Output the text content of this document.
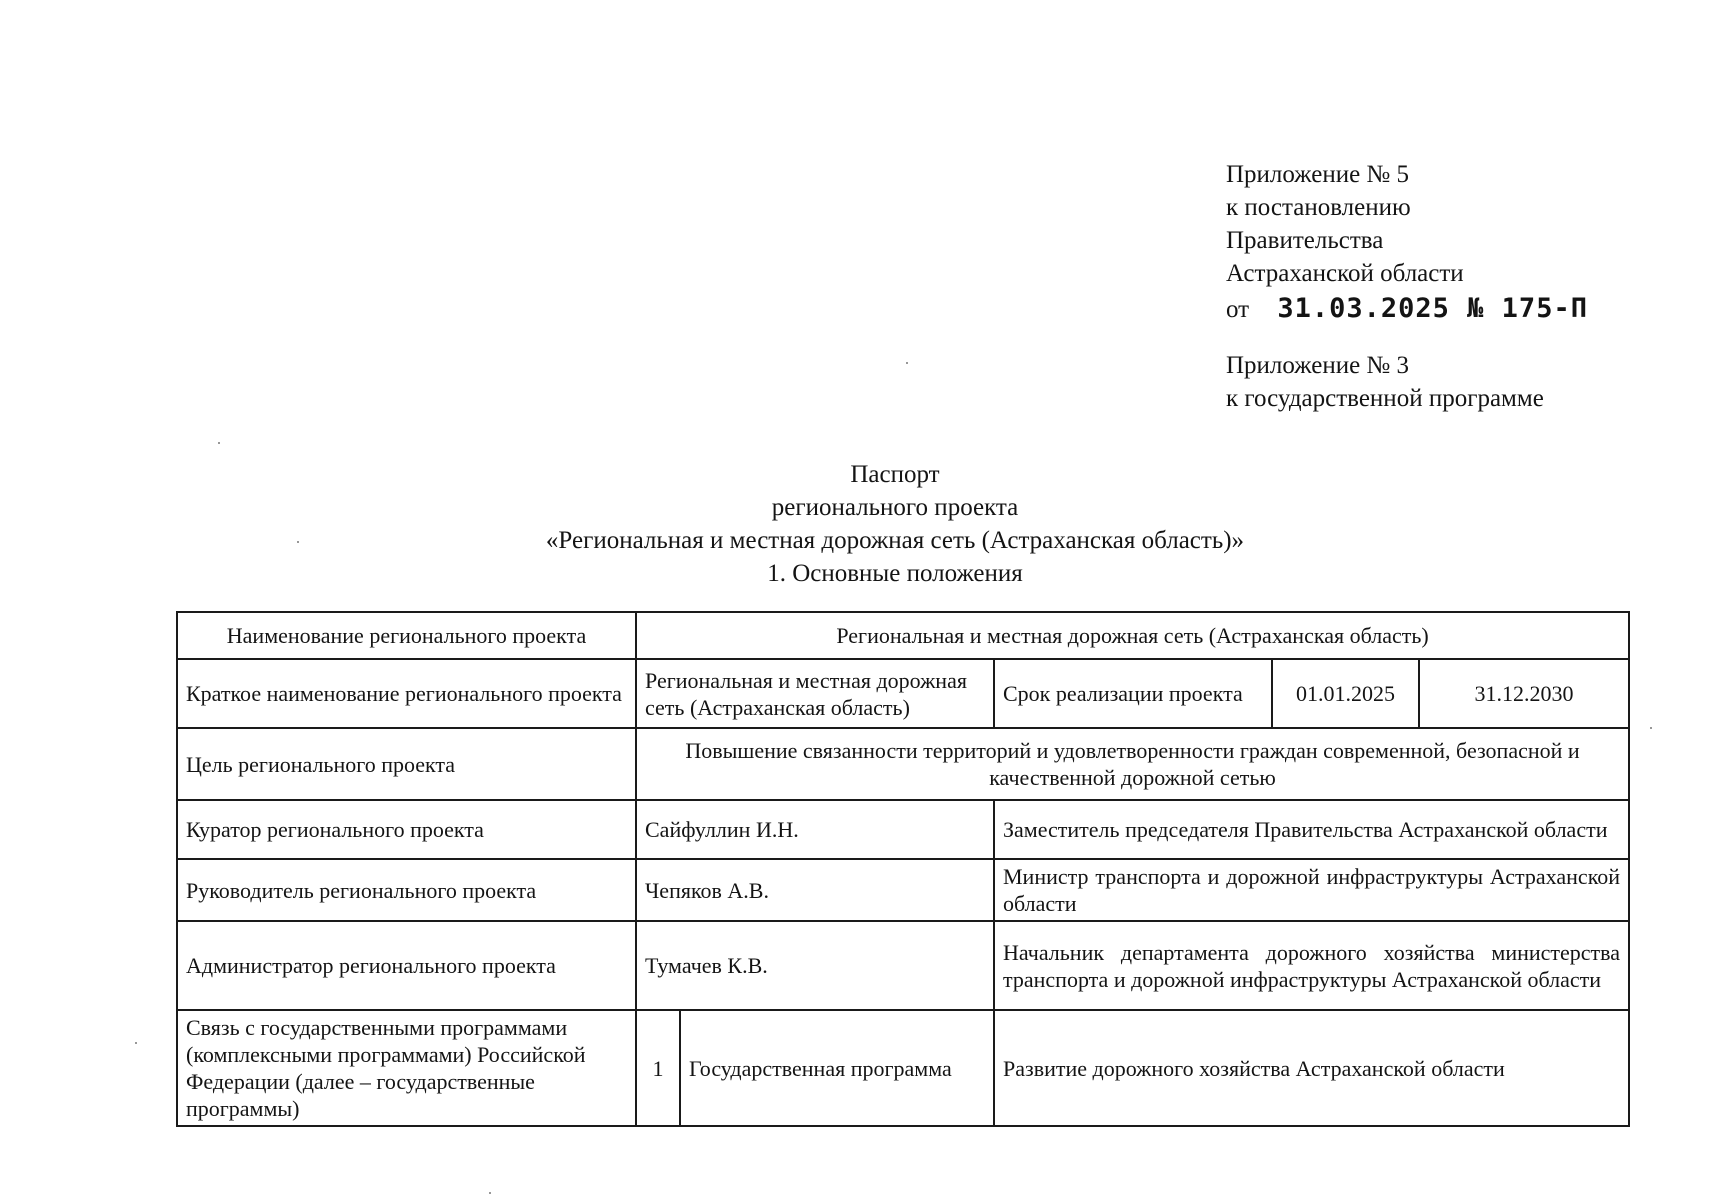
Приложение № 5
к постановлению
Правительства
Астраханской области
от 31.03.2025 № 175-П
Приложение № 3
к государственной программе
Паспорт
регионального проекта
«Региональная и местная дорожная сеть (Астраханская область)»
1. Основные положения
Наименование регионального проекта	Региональная и местная дорожная сеть (Астраханская область)				
Краткое наименование регионального проекта	Региональная и местная дорожная сеть (Астраханская область)		Срок реализации проекта	01.01.2025	31.12.2030
Цель регионального проекта	Повышение связанности территорий и удовлетворенности граждан современной, безопасной и качественной дорожной сетью				
Куратор регионального проекта	Сайфуллин И.Н.		Заместитель председателя Правительства Астраханской области		
Руководитель регионального проекта	Чепяков А.В.		Министр транспорта и дорожной инфраструктуры Астраханской области		
Администратор регионального проекта	Тумачев К.В.		Начальник департамента дорожного хозяйства министерства транспорта и дорожной инфраструктуры Астраханской области		
Связь с государственными программами (комплексными программами) Российской Федерации (далее – государственные программы)	1	Государственная программа	Развитие дорожного хозяйства Астраханской области		
